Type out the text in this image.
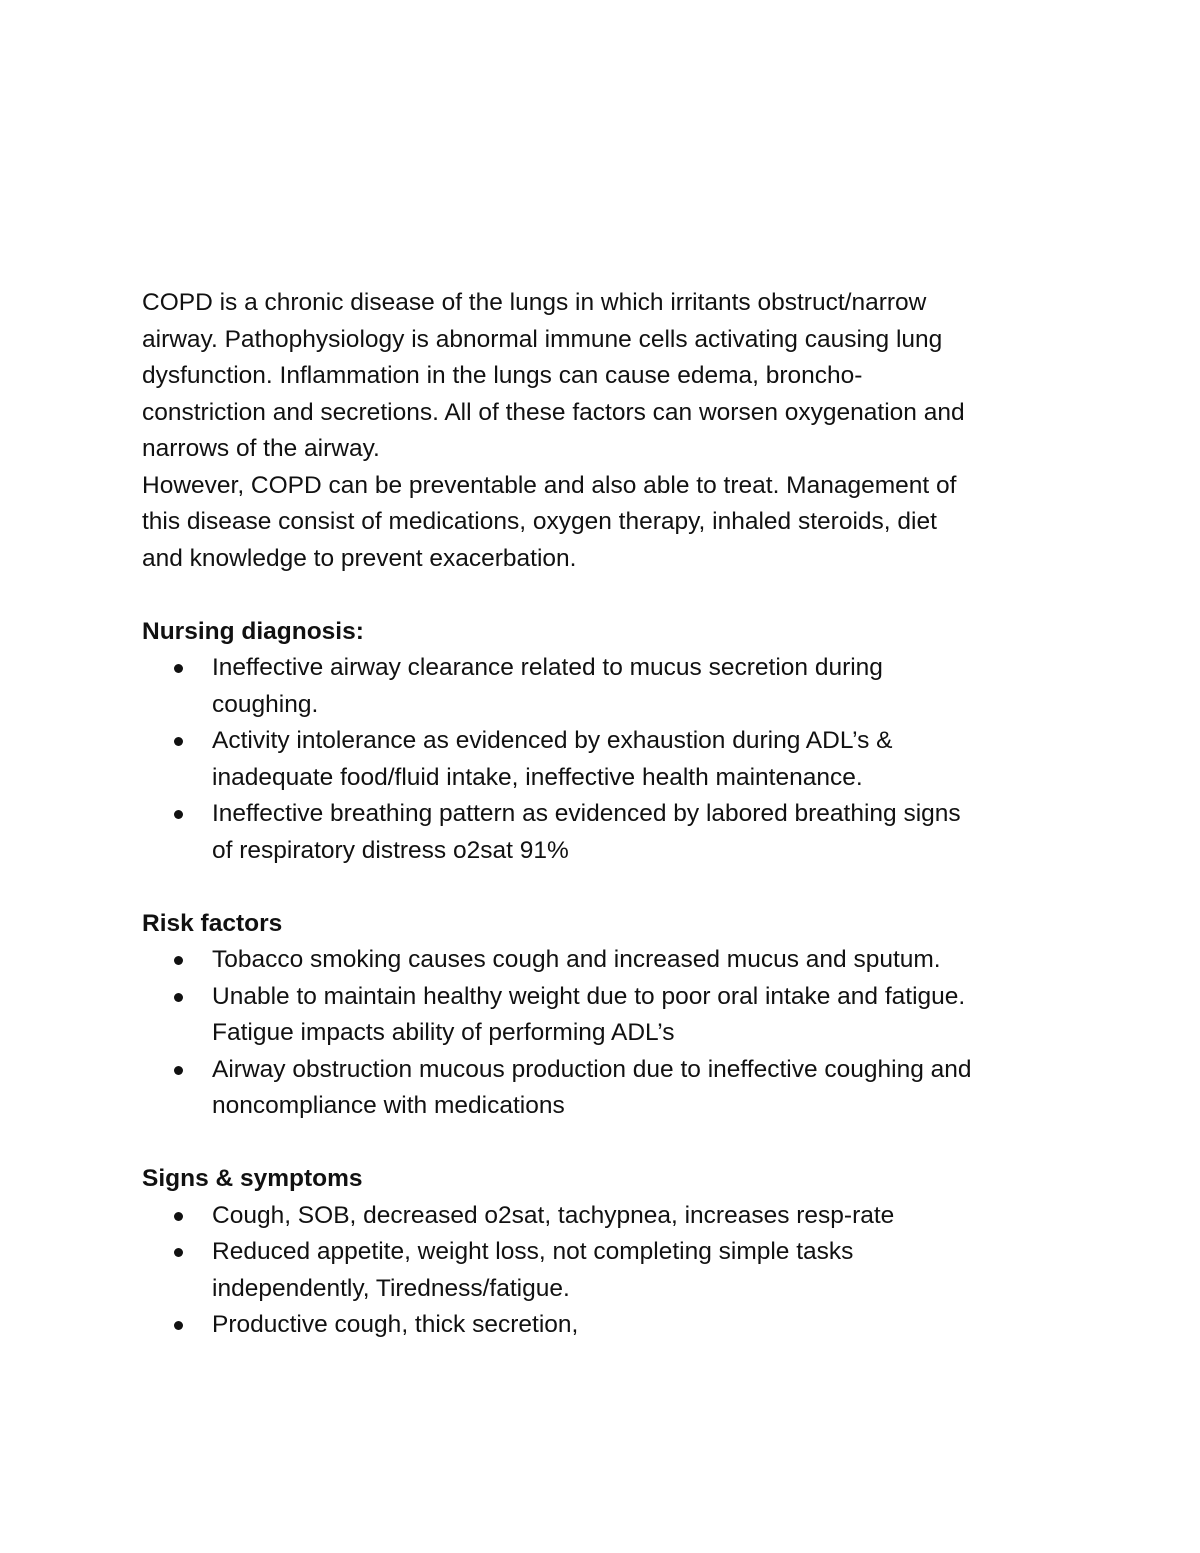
COPD is a chronic disease of the lungs in which irritants obstruct/narrow
airway. Pathophysiology is abnormal immune cells activating causing lung
dysfunction. Inflammation in the lungs can cause edema, broncho-
constriction and secretions. All of these factors can worsen oxygenation and
narrows of the airway.
However, COPD can be preventable and also able to treat. Management of
this disease consist of medications, oxygen therapy, inhaled steroids, diet
and knowledge to prevent exacerbation.

Nursing diagnosis:
Ineffective airway clearance related to mucus secretion during
coughing.
Activity intolerance as evidenced by exhaustion during ADL’s &
inadequate food/fluid intake, ineffective health maintenance.
Ineffective breathing pattern as evidenced by labored breathing signs
of respiratory distress o2sat 91%
Risk factors
Tobacco smoking causes cough and increased mucus and sputum.
Unable to maintain healthy weight due to poor oral intake and fatigue.
Fatigue impacts ability of performing ADL’s
Airway obstruction mucous production due to ineffective coughing and
noncompliance with medications
Signs & symptoms
Cough, SOB, decreased o2sat, tachypnea, increases resp-rate
Reduced appetite, weight loss, not completing simple tasks
independently, Tiredness/fatigue.
Productive cough, thick secretion,
